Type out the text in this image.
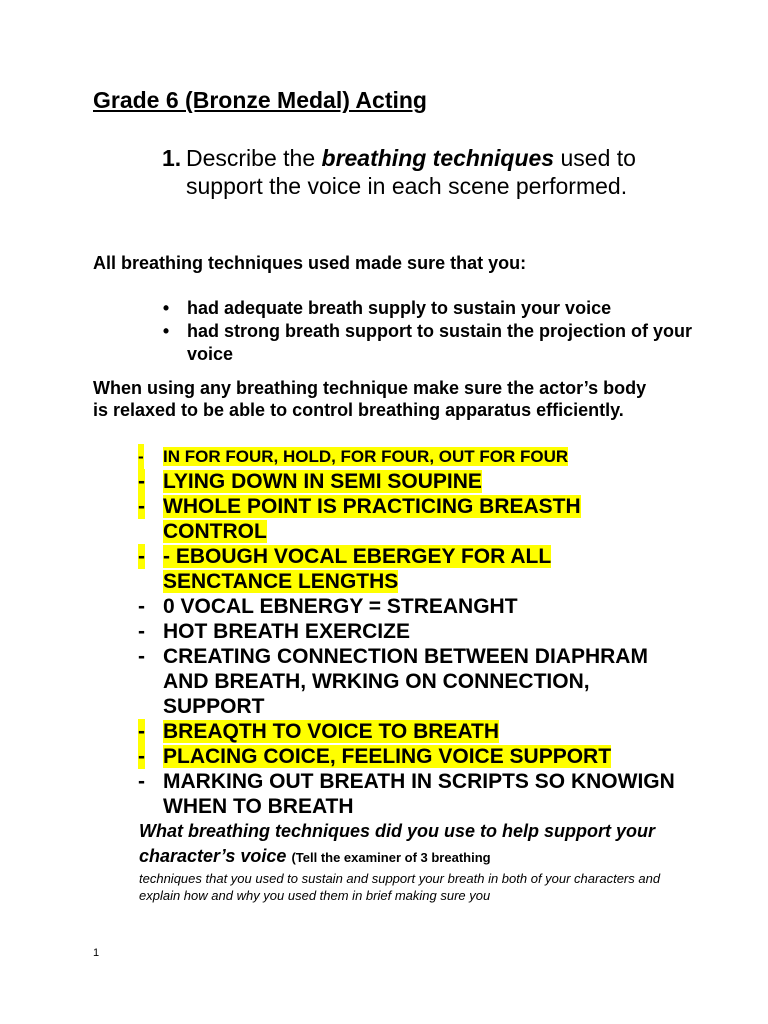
Grade 6 (Bronze Medal) Acting
1. Describe the breathing techniques used to support the voice in each scene performed.
All breathing techniques used made sure that you:
• had adequate breath supply to sustain your voice
• had strong breath support to sustain the projection of your voice
When using any breathing technique make sure the actor’s body is relaxed to be able to control breathing apparatus efficiently.
- IN FOR FOUR, HOLD, FOR FOUR, OUT FOR FOUR
- LYING DOWN IN SEMI SOUPINE
- WHOLE POINT IS PRACTICING BREASTH CONTROL
- - EBOUGH VOCAL EBERGEY FOR ALL SENCTANCE LENGTHS
- 0 VOCAL EBNERGY = STREANGHT
- HOT BREATH EXERCIZE
- CREATING CONNECTION BETWEEN DIAPHRAM AND BREATH, WRKING ON CONNECTION, SUPPORT
- BREAQTH TO VOICE TO BREATH
- PLACING COICE, FEELING VOICE SUPPORT
- MARKING OUT BREATH IN SCRIPTS SO KNOWIGN WHEN TO BREATH
What breathing techniques did you use to help support your character’s voice (Tell the examiner of 3 breathing
techniques that you used to sustain and support your breath in both of your characters and explain how and why you used them in brief making sure you
1
